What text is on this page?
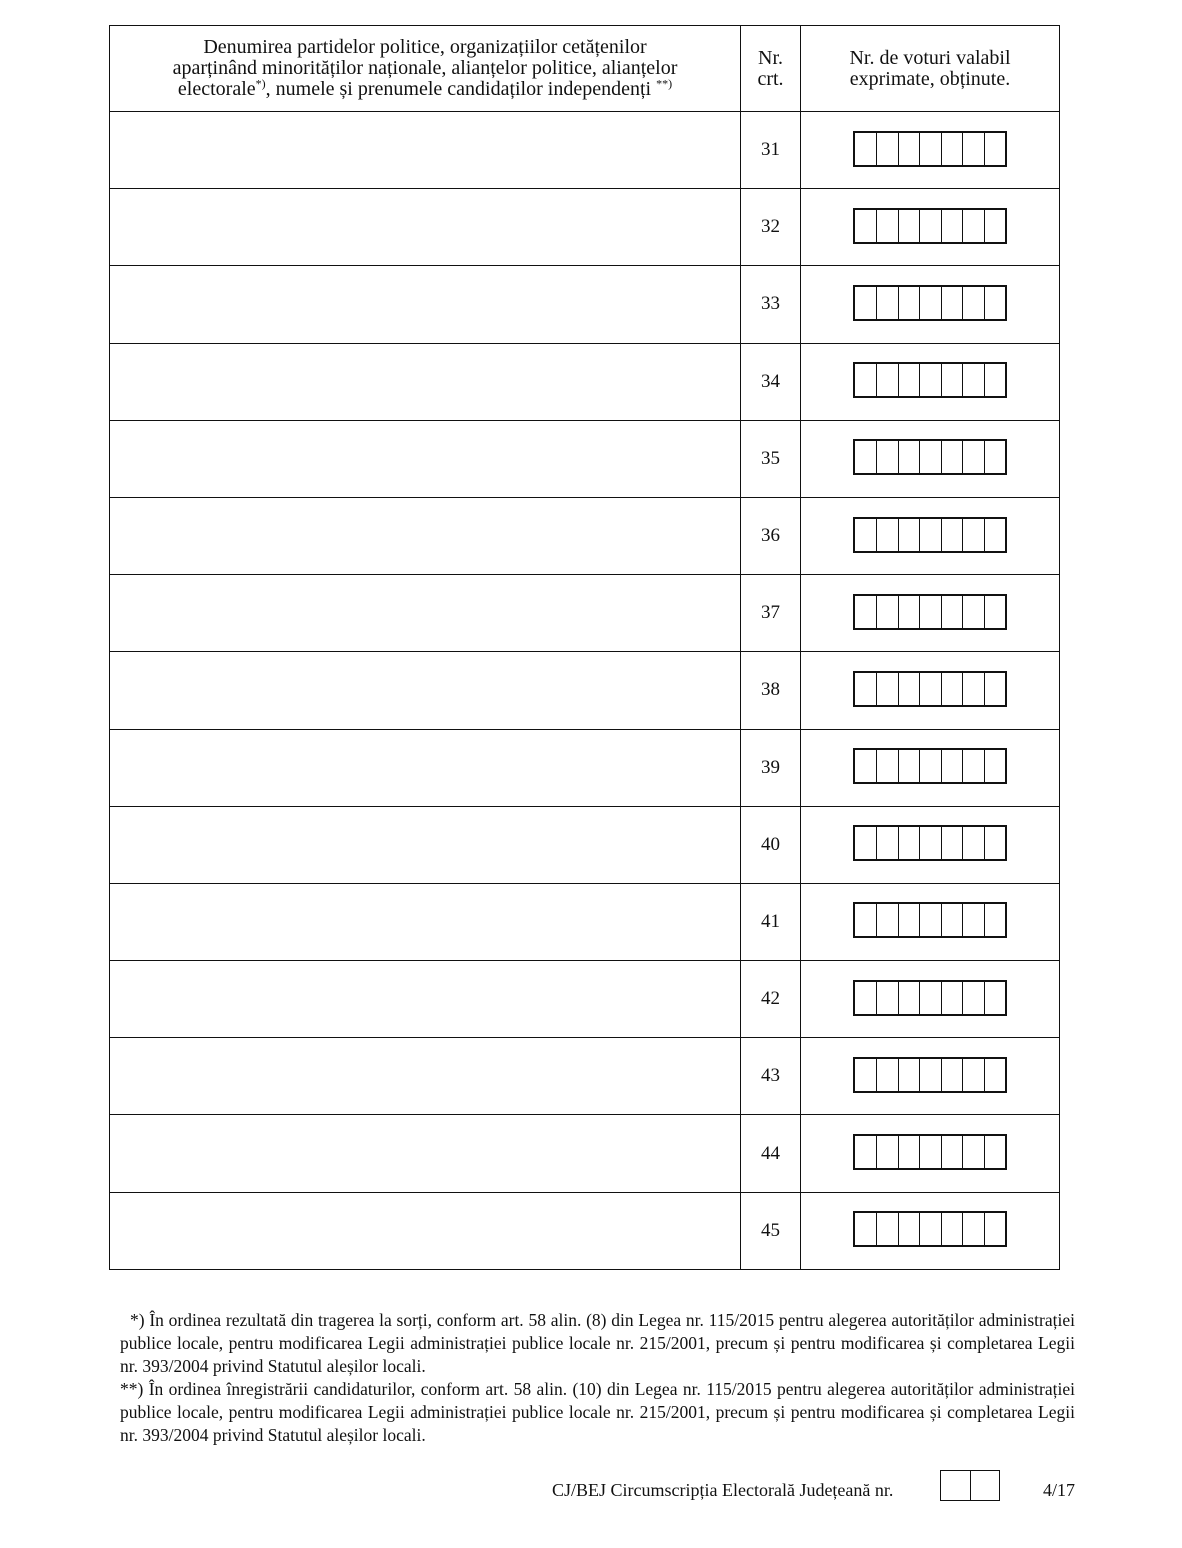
Denumirea partidelor politice, organizațiilor cetățenilor
aparținând minorităților naționale, alianțelor politice, alianțelor
electorale*), numele și prenumele candidaților independenți **)	Nr.
crt.	Nr. de voturi valabil
exprimate, obținute.
	31	

	32	

	33	

	34	

	35	

	36	

	37	

	38	

	39	

	40	

	41	

	42	

	43	

	44	

	45	

*) În ordinea rezultată din tragerea la sorți, conform art. 58 alin. (8) din Legea nr. 115/2015 pentru alegerea autorităților administrației publice locale, pentru modificarea Legii administrației publice locale nr. 215/2001, precum și pentru modificarea și completarea Legii nr. 393/2004 privind Statutul aleșilor locali.

**) În ordinea înregistrării candidaturilor, conform art. 58 alin. (10) din Legea nr. 115/2015 pentru alegerea autorităților administrației publice locale, pentru modificarea Legii administrației publice locale nr. 215/2001, precum și pentru modificarea și completarea Legii nr. 393/2004 privind Statutul aleșilor locali.

CJ/BEJ Circumscripția Electorală Județeană nr.	4/17
